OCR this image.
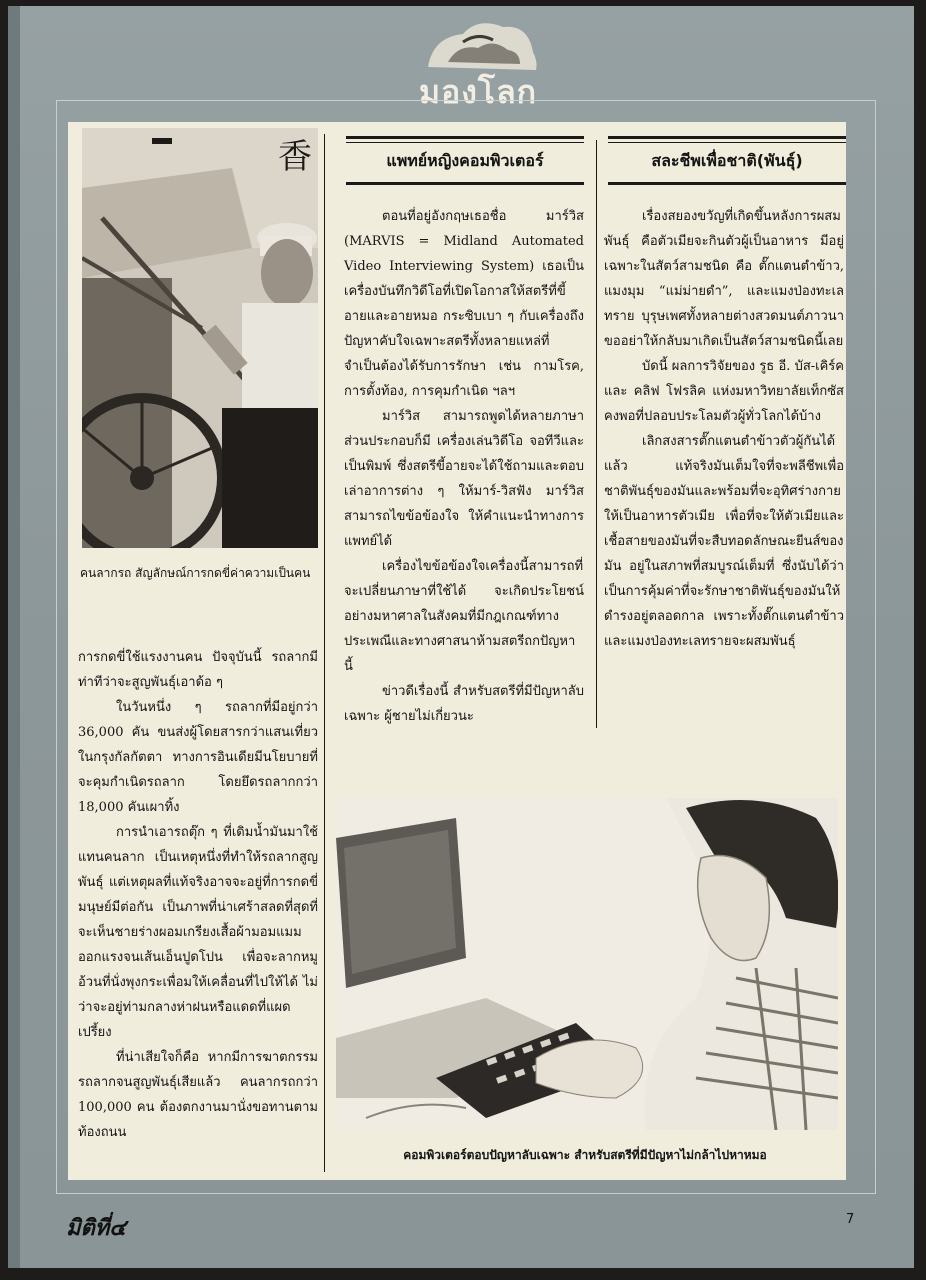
มองโลก
香
คนลากรถ สัญลักษณ์การกดขี่ค่าความเป็นคน

การกดขี่ใช้แรงงานคน ปัจจุบันนี้ รถลากมีท่าทีว่าจะสูญพันธุ์เอาด้อ ๆ

ในวันหนึ่ง ๆ รถลากที่มีอยู่กว่า 36,000 คัน ขนส่งผู้โดยสารกว่าแสนเที่ยวในกรุงกัลกัตตา ทางการอินเดียมีนโยบายที่จะคุมกำเนิดรถลาก โดยยึดรถลากกว่า 18,000 คันเผาทิ้ง

การนำเอารถตุ๊ก ๆ ที่เดิมน้ำมันมาใช้แทนคนลาก เป็นเหตุหนึ่งที่ทำให้รถลากสูญพันธุ์ แต่เหตุผลที่แท้จริงอาจจะอยู่ที่การกดขี่มนุษย์มีต่อกัน เป็นภาพที่น่าเศร้าสลดที่สุดที่จะเห็นชายร่างผอมเกรียงเสื้อผ้ามอมแมม ออกแรงจนเส้นเอ็นปูดโปน เพื่อจะลากหมูอ้วนที่นั่งพุงกระเพื่อมให้เคลื่อนที่ไปให้ได้ ไม่ว่าจะอยู่ท่ามกลางห่าฝนหรือแดดที่แผดเปรี้ยง

ที่น่าเสียใจก็คือ หากมีการฆาตกรรมรถลากจนสูญพันธุ์เสียแล้ว คนลากรถกว่า 100,000 คน ต้องตกงานมานั่งขอทานตามท้องถนน

แพทย์หญิงคอมพิวเตอร์

ตอนที่อยู่อังกฤษเธอชื่อ มาร์วิส (MARVIS = Midland Automated Video Interviewing System) เธอเป็นเครื่องบันทึกวิดีโอที่เปิดโอกาสให้สตรีที่ขี้อายและอายหมอ กระซิบเบา ๆ กับเครื่องถึงปัญหาคับใจเฉพาะสตรีทั้งหลายแหล่ที่จำเป็นต้องได้รับการรักษา เช่น กามโรค, การตั้งท้อง, การคุมกำเนิด ฯลฯ

มาร์วิส สามารถพูดได้หลายภาษา ส่วนประกอบก็มี เครื่องเล่นวิดีโอ จอทีวีและเป็นพิมพ์ ซึ่งสตรีขี้อายจะได้ใช้ถามและตอบ เล่าอาการต่าง ๆ ให้มาร์-วิสฟัง มาร์วิสสามารถไขข้อข้องใจ ให้คำแนะนำทางการแพทย์ได้

เครื่องไขข้อข้องใจเครื่องนี้สามารถที่จะเปลี่ยนภาษาที่ใช้ได้ จะเกิดประโยชน์อย่างมหาศาลในสังคมที่มีกฎเกณฑ์ทางประเพณีและทางศาสนาห้ามสตรีถกปัญหานี้

ข่าวดีเรื่องนี้ สำหรับสตรีที่มีปัญหาลับเฉพาะ ผู้ชายไม่เกี่ยวนะ

สละชีพเพื่อชาติ(พันธุ์)

เรื่องสยองขวัญที่เกิดขึ้นหลังการผสมพันธุ์ คือตัวเมียจะกินตัวผู้เป็นอาหาร มีอยู่เฉพาะในสัตว์สามชนิด คือ ตั๊กแตนตำข้าว, แมงมุม “แม่ม่ายดำ”, และแมงป่องทะเลทราย บุรุษเพศทั้งหลายต่างสวดมนต์ภาวนา ขออย่าให้กลับมาเกิดเป็นสัตว์สามชนิดนี้เลย

บัดนี้ ผลการวิจัยของ รูธ อี. บัส-เคิร์ค และ คลิฟ โฟรลิค แห่งมหาวิทยาลัยเท็กซัส คงพอที่ปลอบประโลมตัวผู้ทั่วโลกได้บ้าง

เลิกสงสารตั๊กแตนตำข้าวตัวผู้กันได้แล้ว แท้จริงมันเต็มใจที่จะพลีชีพเพื่อชาติพันธุ์ของมันและพร้อมที่จะอุทิศร่างกายให้เป็นอาหารตัวเมีย เพื่อที่จะให้ตัวเมียและเชื้อสายของมันที่จะสืบทอดลักษณะยีนส์ของมัน อยู่ในสภาพที่สมบูรณ์เต็มที่ ซึ่งนับได้ว่าเป็นการคุ้มค่าที่จะรักษาชาติพันธุ์ของมันให้ดำรงอยู่ตลอดกาล เพราะทั้งตั๊กแตนตำข้าวและแมงป่องทะเลทรายจะผสมพันธุ์

คอมพิวเตอร์ตอบปัญหาลับเฉพาะ สำหรับสตรีที่มีปัญหาไม่กล้าไปหาหมอ
มิติที่๔	7
